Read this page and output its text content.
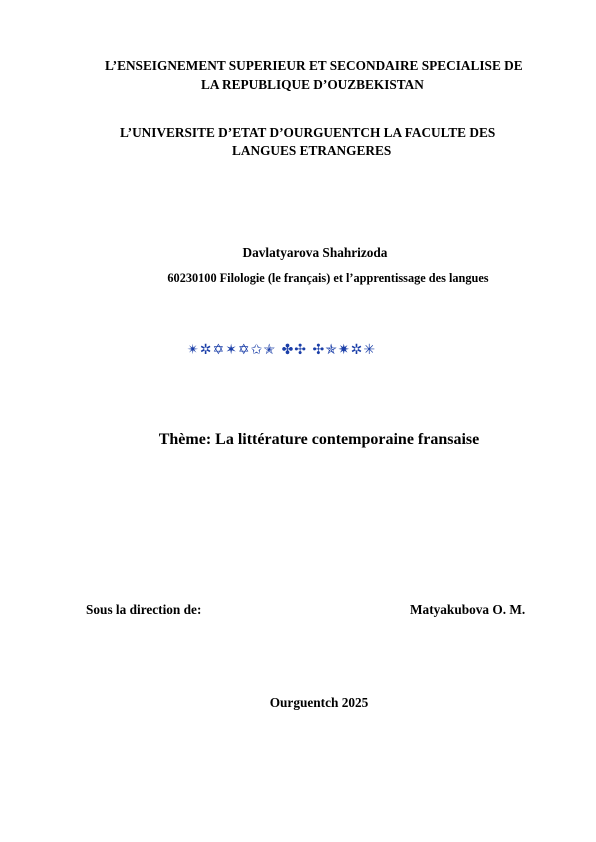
L’ENSEIGNEMENT SUPERIEUR ET SECONDAIRE SPECIALISE DE
LA REPUBLIQUE D’OUZBEKISTAN
L’UNIVERSITE D’ETAT D’OURGUENTCH LA FACULTE DES
LANGUES ETRANGERES
Davlatyarova Shahrizoda
60230100 Filologie (le français) et l’apprentissage des langues
✴✲✡✶✡✩✭ ✤✣ ✣✯✷✲✳
Thème: La littérature contemporaine fransaise
Sous la direction de:	Matyakubova O. M.
Ourguentch 2025
